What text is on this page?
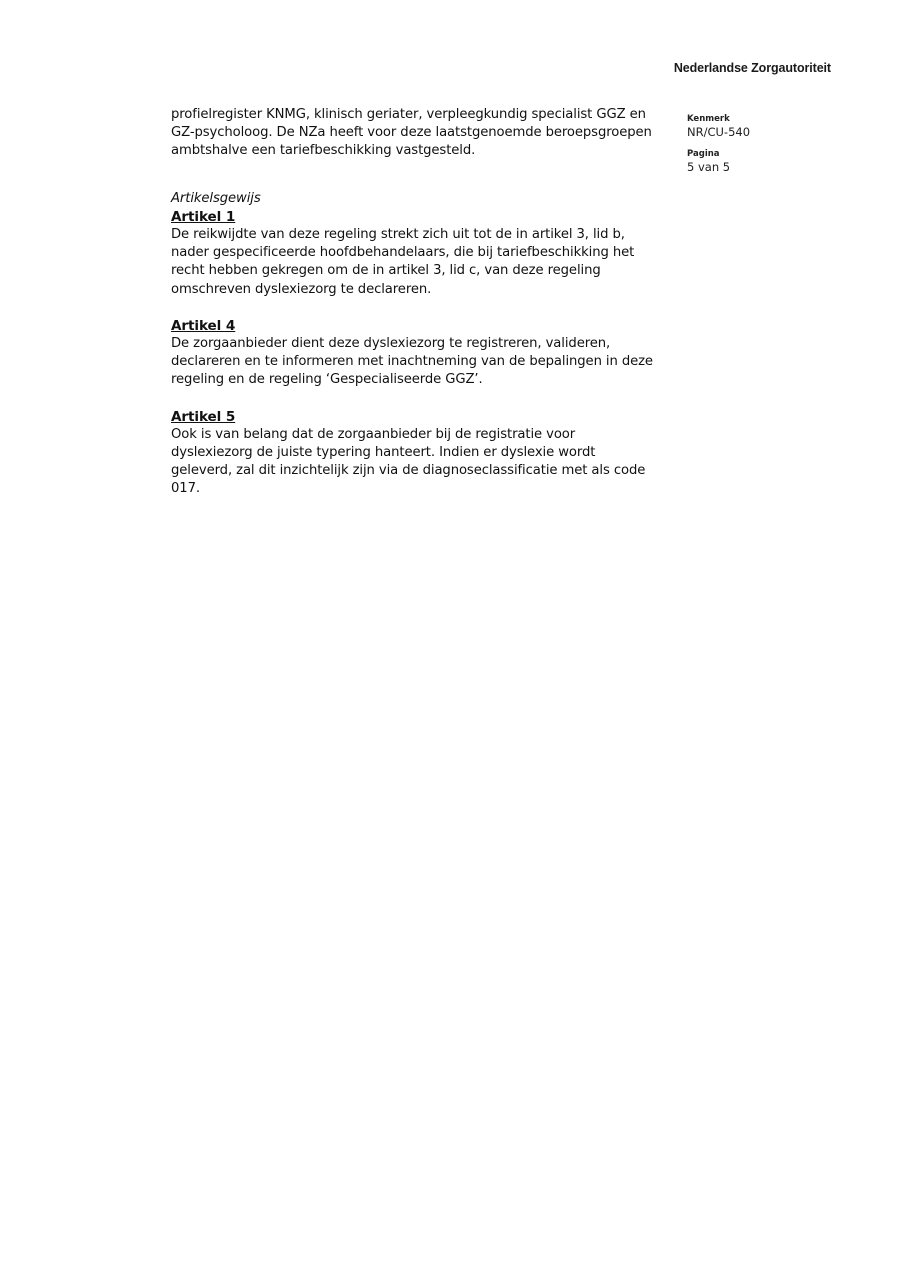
Nederlandse Zorgautoriteit
Kenmerk
NR/CU-540
Pagina
5 van 5

profielregister KNMG, klinisch geriater, verpleegkundig specialist GGZ en
GZ-psycholoog. De NZa heeft voor deze laatstgenoemde beroepsgroepen
ambtshalve een tariefbeschikking vastgesteld.

Artikelsgewijs

Artikel 1

De reikwijdte van deze regeling strekt zich uit tot de in artikel 3, lid b,
nader gespecificeerde hoofdbehandelaars, die bij tariefbeschikking het
recht hebben gekregen om de in artikel 3, lid c, van deze regeling
omschreven dyslexiezorg te declareren.

Artikel 4

De zorgaanbieder dient deze dyslexiezorg te registreren, valideren,
declareren en te informeren met inachtneming van de bepalingen in deze
regeling en de regeling ‘Gespecialiseerde GGZ’.

Artikel 5

Ook is van belang dat de zorgaanbieder bij de registratie voor
dyslexiezorg de juiste typering hanteert. Indien er dyslexie wordt
geleverd, zal dit inzichtelijk zijn via de diagnoseclassificatie met als code
017.
